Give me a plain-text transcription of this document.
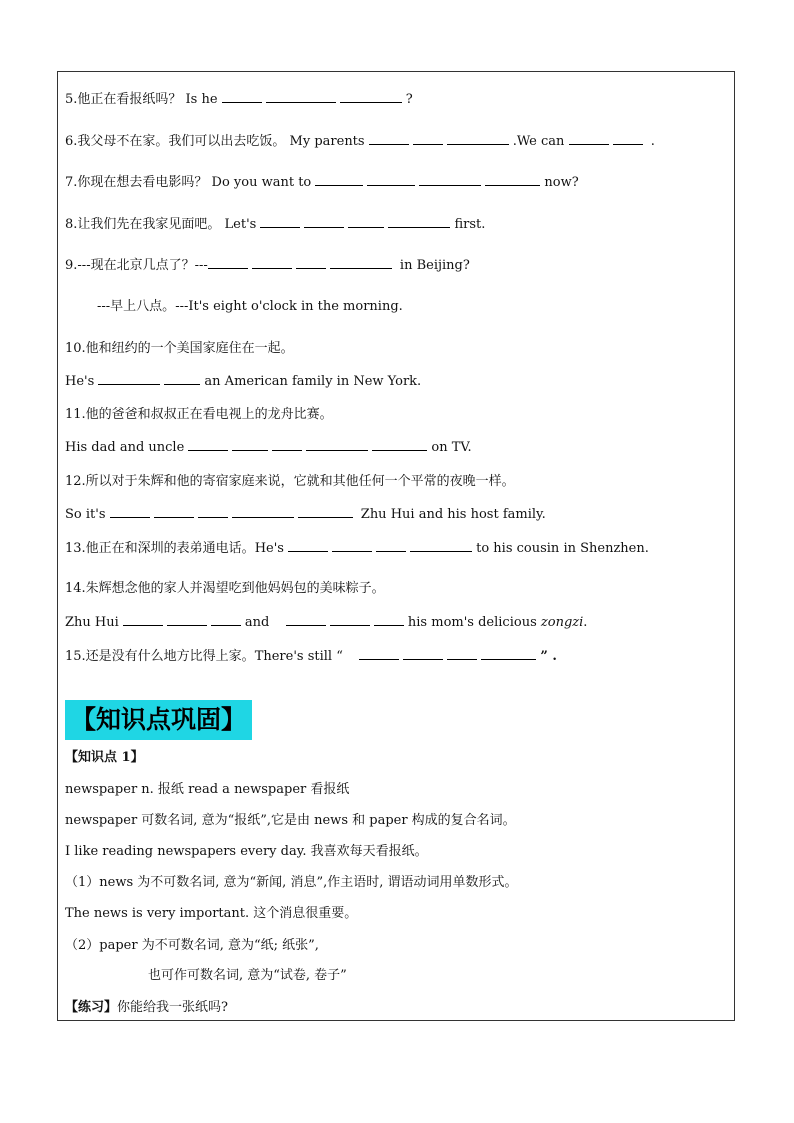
5.他正在看报纸吗？ Is he	?
6.我父母不在家。我们可以出去吃饭。 My parents	.We can	.
7.你现在想去看电影吗？ Do you want to	now?
8.让我们先在我家见面吧。 Let's	first.
9.---现在北京几点了？---	in Beijing?
---早上八点。---It's eight o'clock in the morning.
10.他和纽约的一个美国家庭住在一起。
He's	an American family in New York.
11.他的爸爸和叔叔正在看电视上的龙舟比赛。
His dad and uncle	on TV.
12.所以对于朱辉和他的寄宿家庭来说，它就和其他任何一个平常的夜晚一样。
So it's	Zhu Hui and his host family.
13.他正在和深圳的表弟通电话。He's	to his cousin in Shenzhen.
14.朱辉想念他的家人并渴望吃到他妈妈包的美味粽子。
Zhu Hui	and	his mom's delicious zongzi.
15.还是没有什么地方比得上家。There's still “	” .
【知识点巩固】
【知识点 1】
newspaper n. 报纸 read a newspaper 看报纸
newspaper 可数名词, 意为“报纸”,它是由 news 和 paper 构成的复合名词。
I like reading newspapers every day. 我喜欢每天看报纸。
（1）news 为不可数名词, 意为“新闻, 消息”,作主语时, 谓语动词用单数形式。
The news is very important. 这个消息很重要。
（2）paper 为不可数名词, 意为“纸; 纸张”,
也可作可数名词, 意为“试卷, 卷子”
【练习】你能给我一张纸吗?
